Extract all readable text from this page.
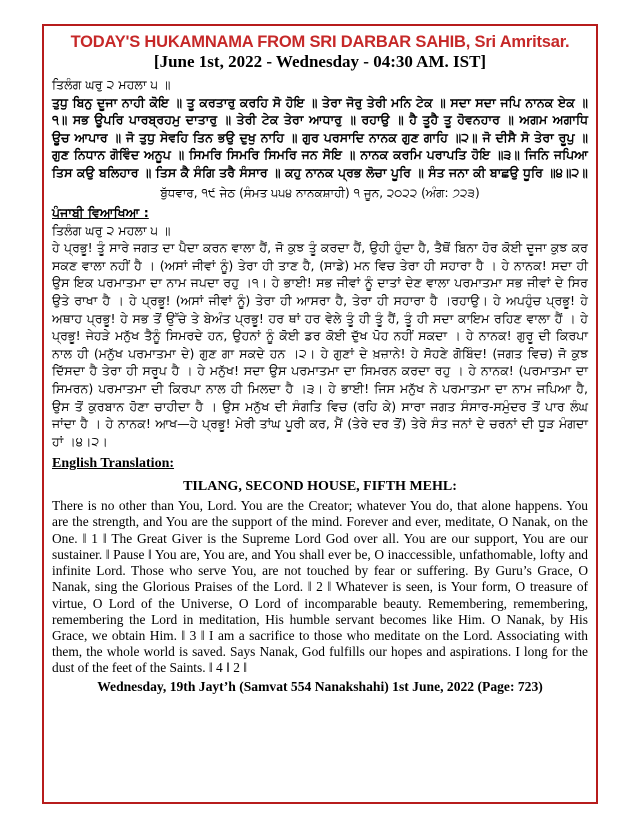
TODAY'S HUKAMNAMA FROM SRI DARBAR SAHIB, Sri Amritsar.
[June 1st, 2022 - Wednesday - 04:30 AM. IST]
ਤਿਲੰਗ ਘਰੁ ੨ ਮਹਲਾ ੫ ॥
ਤੁਧੁ ਬਿਨੁ ਦੂਜਾ ਨਾਹੀ ਕੋਇ ॥ ਤੂ ਕਰਤਾਰੁ ਕਰਹਿ ਸੋ ਹੋਇ ॥ ਤੇਰਾ ਜੋਰੁ ਤੇਰੀ ਮਨਿ ਟੇਕ ॥ ਸਦਾ ਸਦਾ ਜਪਿ ਨਾਨਕ ਏਕ ॥੧॥ ਸਭ ਊਪਰਿ ਪਾਰਬ੍ਰਹਮੁ ਦਾਤਾਰੁ ॥ ਤੇਰੀ ਟੇਕ ਤੇਰਾ ਆਧਾਰੁ ॥ ਰਹਾਉ ॥ ਹੈ ਤੂਹੈ ਤੂ ਹੋਵਨਹਾਰ ॥ ਅਗਮ ਅਗਾਧਿ ਊਚ ਆਪਾਰ ॥ ਜੋ ਤੁਧੁ ਸੇਵਹਿ ਤਿਨ ਭਉ ਦੁਖੁ ਨਾਹਿ ॥ ਗੁਰ ਪਰਸਾਦਿ ਨਾਨਕ ਗੁਣ ਗਾਹਿ ॥੨॥ ਜੋ ਦੀਸੈ ਸੋ ਤੇਰਾ ਰੂਪੁ ॥ ਗੁਣ ਨਿਧਾਨ ਗੋਵਿੰਦ ਅਨੂਪ ॥ ਸਿਮਰਿ ਸਿਮਰਿ ਸਿਮਰਿ ਜਨ ਸੋਇ ॥ ਨਾਨਕ ਕਰਮਿ ਪਰਾਪਤਿ ਹੋਇ ॥੩॥ ਜਿਨਿ ਜਪਿਆ ਤਿਸ ਕਉ ਬਲਿਹਾਰ ॥ ਤਿਸ ਕੈ ਸੰਗਿ ਤਰੈ ਸੰਸਾਰ ॥ ਕਹੁ ਨਾਨਕ ਪ੍ਰਭ ਲੋਚਾ ਪੂਰਿ ॥ ਸੰਤ ਜਨਾ ਕੀ ਬਾਛਉ ਧੂਰਿ ॥੪॥੨॥
ਬੁੱਧਵਾਰ, ੧੯ ਜੇਠ (ਸੰਮਤ ੫੫੪ ਨਾਨਕਸ਼ਾਹੀ) ੧ ਜੂਨ, ੨੦੨੨ (ਅੰਗ: ੭੨੩)
ਪੰਜਾਬੀ ਵਿਆਖਿਆ :
ਤਿਲੰਗ ਘਰੁ ੨ ਮਹਲਾ ੫ ॥
ਹੇ ਪ੍ਰਭੂ! ਤੂੰ ਸਾਰੇ ਜਗਤ ਦਾ ਪੈਦਾ ਕਰਨ ਵਾਲਾ ਹੈਂ, ਜੋ ਕੁਝ ਤੂੰ ਕਰਦਾ ਹੈਂ, ਉਹੀ ਹੁੰਦਾ ਹੈ, ਤੈਥੋਂ ਬਿਨਾ ਹੋਰ ਕੋਈ ਦੂਜਾ ਕੁਝ ਕਰ ਸਕਣ ਵਾਲਾ ਨਹੀਂ ਹੈ । (ਅਸਾਂ ਜੀਵਾਂ ਨੂੰ) ਤੇਰਾ ਹੀ ਤਾਣ ਹੈ, (ਸਾਡੇ) ਮਨ ਵਿਚ ਤੇਰਾ ਹੀ ਸਹਾਰਾ ਹੈ । ਹੇ ਨਾਨਕ! ਸਦਾ ਹੀ ਉਸ ਇਕ ਪਰਮਾਤਮਾ ਦਾ ਨਾਮ ਜਪਦਾ ਰਹੁ ।੧। ਹੇ ਭਾਈ! ਸਭ ਜੀਵਾਂ ਨੂੰ ਦਾਤਾਂ ਦੇਣ ਵਾਲਾ ਪਰਮਾਤਮਾ ਸਭ ਜੀਵਾਂ ਦੇ ਸਿਰ ਉਤੇ ਰਾਖਾ ਹੈ । ਹੇ ਪ੍ਰਭੂ! (ਅਸਾਂ ਜੀਵਾਂ ਨੂੰ) ਤੇਰਾ ਹੀ ਆਸਰਾ ਹੈ, ਤੇਰਾ ਹੀ ਸਹਾਰਾ ਹੈ ।ਰਹਾਉ। ਹੇ ਅਪਹੁੰਚ ਪ੍ਰਭੂ! ਹੇ ਅਥਾਹ ਪ੍ਰਭੂ! ਹੇ ਸਭ ਤੋਂ ਉੱਚੇ ਤੇ ਬੇਅੰਤ ਪ੍ਰਭੂ! ਹਰ ਥਾਂ ਹਰ ਵੇਲੇ ਤੂੰ ਹੀ ਤੂੰ ਹੈਂ, ਤੂੰ ਹੀ ਸਦਾ ਕਾਇਮ ਰਹਿਣ ਵਾਲਾ ਹੈਂ । ਹੇ ਪ੍ਰਭੂ! ਜੇਹੜੇ ਮਨੁੱਖ ਤੈਨੂੰ ਸਿਮਰਦੇ ਹਨ, ਉਹਨਾਂ ਨੂੰ ਕੋਈ ਡਰ ਕੋਈ ਦੁੱਖ ਪੋਹ ਨਹੀਂ ਸਕਦਾ । ਹੇ ਨਾਨਕ! ਗੁਰੂ ਦੀ ਕਿਰਪਾ ਨਾਲ ਹੀ (ਮਨੁੱਖ ਪਰਮਾਤਮਾ ਦੇ) ਗੁਣ ਗਾ ਸਕਦੇ ਹਨ ।੨। ਹੇ ਗੁਣਾਂ ਦੇ ਖ਼ਜ਼ਾਨੇ! ਹੇ ਸੋਹਣੇ ਗੋਬਿੰਦ! (ਜਗਤ ਵਿਚ) ਜੋ ਕੁਝ ਦਿੱਸਦਾ ਹੈ ਤੇਰਾ ਹੀ ਸਰੂਪ ਹੈ । ਹੇ ਮਨੁੱਖ! ਸਦਾ ਉਸ ਪਰਮਾਤਮਾ ਦਾ ਸਿਮਰਨ ਕਰਦਾ ਰਹੁ । ਹੇ ਨਾਨਕ! (ਪਰਮਾਤਮਾ ਦਾ ਸਿਮਰਨ) ਪਰਮਾਤਮਾ ਦੀ ਕਿਰਪਾ ਨਾਲ ਹੀ ਮਿਲਦਾ ਹੈ ।੩। ਹੇ ਭਾਈ! ਜਿਸ ਮਨੁੱਖ ਨੇ ਪਰਮਾਤਮਾ ਦਾ ਨਾਮ ਜਪਿਆ ਹੈ, ਉਸ ਤੋਂ ਕੁਰਬਾਨ ਹੋਣਾ ਚਾਹੀਦਾ ਹੈ । ਉਸ ਮਨੁੱਖ ਦੀ ਸੰਗਤਿ ਵਿਚ (ਰਹਿ ਕੇ) ਸਾਰਾ ਜਗਤ ਸੰਸਾਰ-ਸਮੁੰਦਰ ਤੋਂ ਪਾਰ ਲੰਘ ਜਾਂਦਾ ਹੈ । ਹੇ ਨਾਨਕ! ਆਖ—ਹੇ ਪ੍ਰਭੂ! ਮੇਰੀ ਤਾਂਘ ਪੂਰੀ ਕਰ, ਮੈਂ (ਤੇਰੇ ਦਰ ਤੋਂ) ਤੇਰੇ ਸੰਤ ਜਨਾਂ ਦੇ ਚਰਨਾਂ ਦੀ ਧੂੜ ਮੰਗਦਾ ਹਾਂ ।੪।੨।
English Translation:
TILANG, SECOND HOUSE, FIFTH MEHL:
There is no other than You, Lord. You are the Creator; whatever You do, that alone happens. You are the strength, and You are the support of the mind. Forever and ever, meditate, O Nanak, on the One. ‖ 1 ‖ The Great Giver is the Supreme Lord God over all. You are our support, You are our sustainer. ‖ Pause ‖ You are, You are, and You shall ever be, O inaccessible, unfathomable, lofty and infinite Lord. Those who serve You, are not touched by fear or suffering. By Guru’s Grace, O Nanak, sing the Glorious Praises of the Lord. ‖ 2 ‖ Whatever is seen, is Your form, O treasure of virtue, O Lord of the Universe, O Lord of incomparable beauty. Remembering, remembering, remembering the Lord in meditation, His humble servant becomes like Him. O Nanak, by His Grace, we obtain Him. ‖ 3 ‖ I am a sacrifice to those who meditate on the Lord. Associating with them, the whole world is saved. Says Nanak, God fulfills our hopes and aspirations. I long for the dust of the feet of the Saints. ‖ 4 ‖ 2 ‖
Wednesday, 19th Jayt’h (Samvat 554 Nanakshahi) 1st June, 2022 (Page: 723)
